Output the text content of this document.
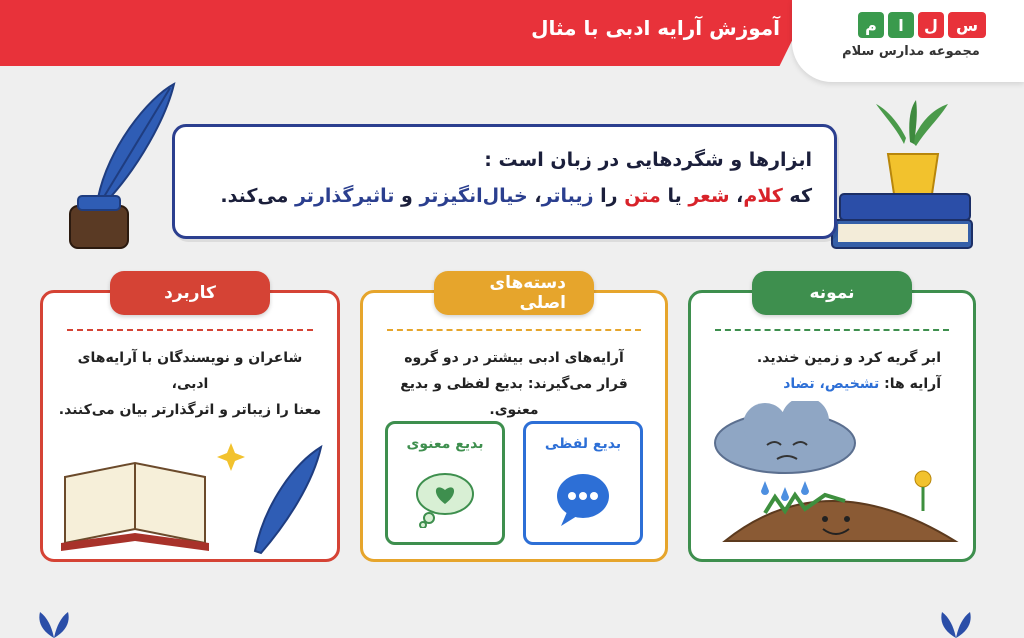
آموزش آرایه ادبی با مثال	م	ا	ل	س
مجموعه مدارس سلام
ابزارها و شگردهایی در زبان است :
که کلام، شعر یا متن را زیباتر، خیال‌انگیزتر و تاثیرگذارتر می‌کند.
نمونه
ابر گریه کرد و زمین خندید.
آرایه ها: تشخیص، تضاد
دسته‌های اصلی
آرایه‌های ادبی بیشتر در دو گروه
قرار می‌گیرند: بدیع لفظی و بدیع معنوی.
بدیع لفظی
بدیع معنوی
کاربرد
شاعران و نویسندگان با آرایه‌های ادبی،
معنا را زیباتر و اثرگذارتر بیان می‌کنند.
